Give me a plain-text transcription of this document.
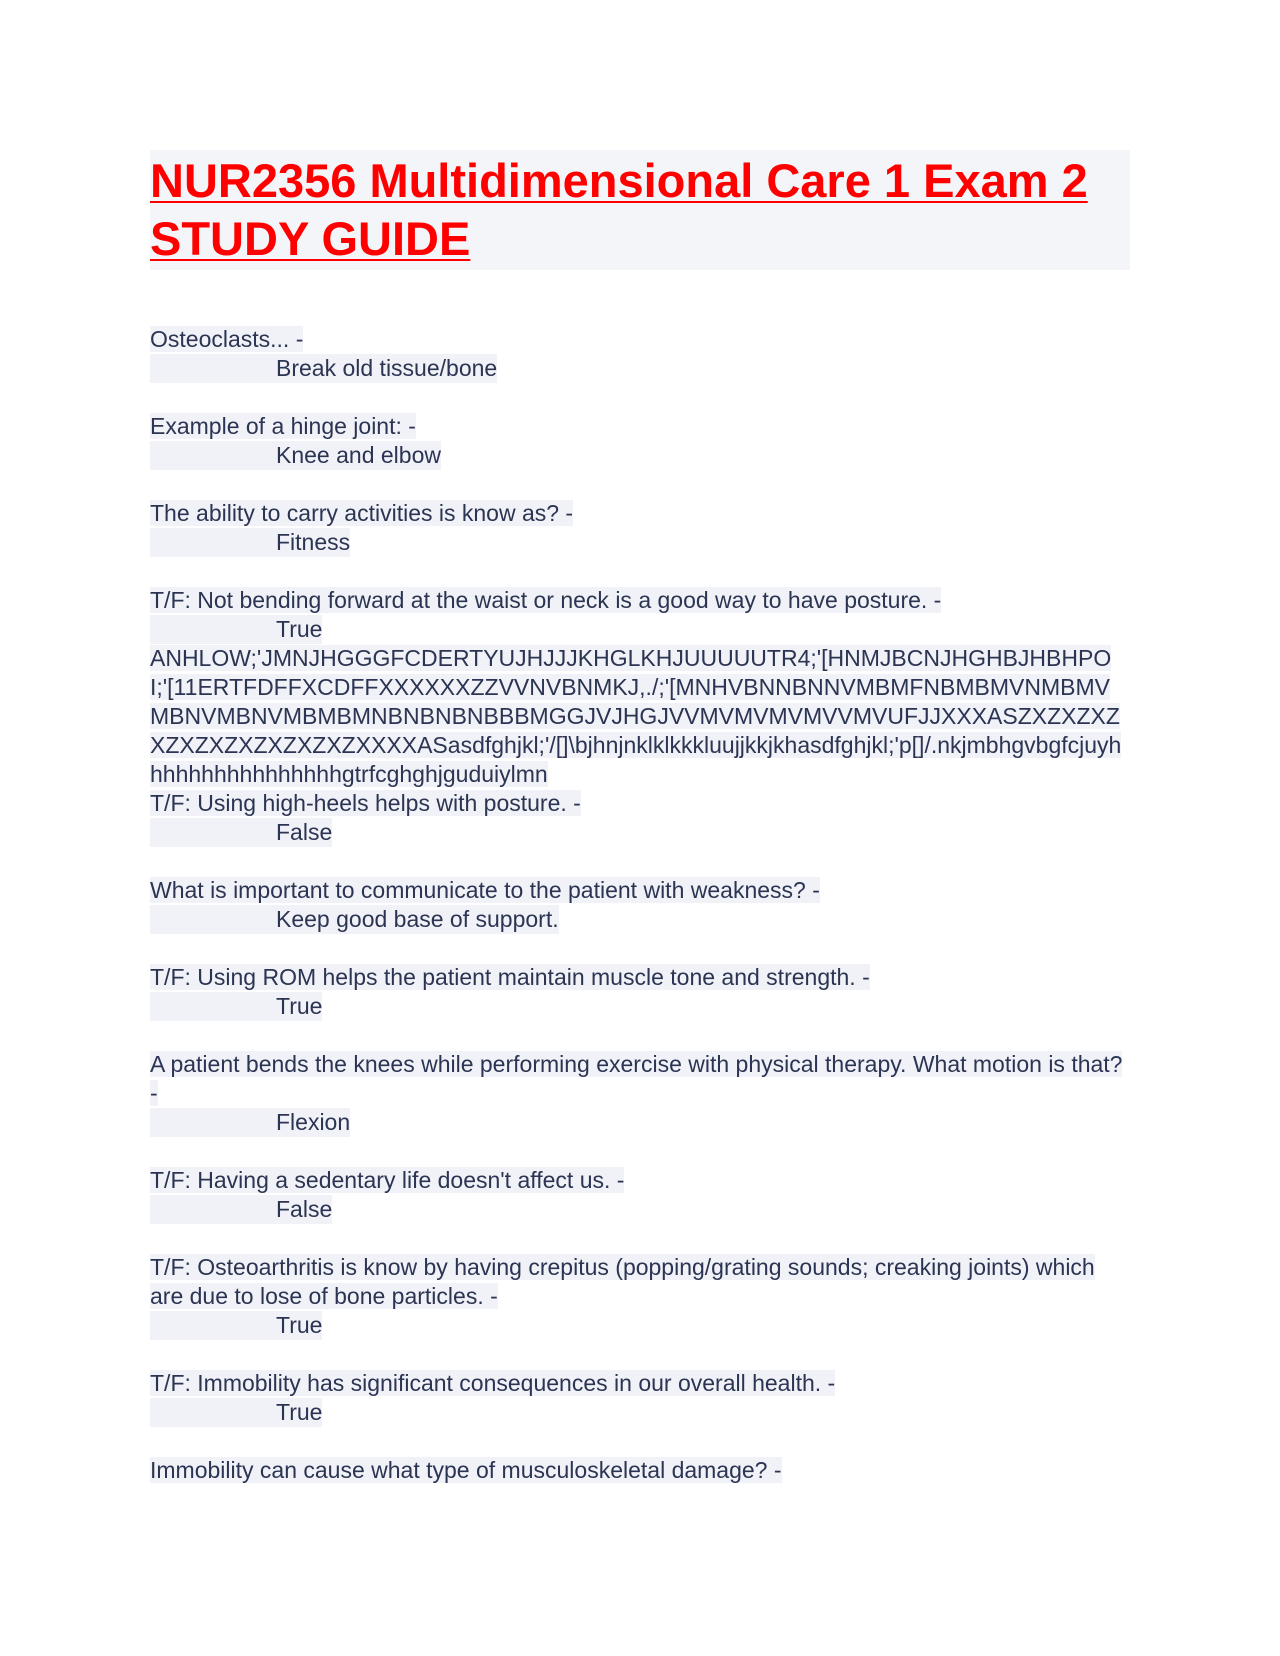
NUR2356 Multidimensional Care 1 Exam 2 STUDY GUIDE
Osteoclasts... -
Break old tissue/bone
Example of a hinge joint: -
Knee and elbow
The ability to carry activities is know as? -
Fitness
T/F: Not bending forward at the waist or neck is a good way to have posture. -
True
ANHLOW;'JMNJHGGGFCDERTYUJHJJJKHGLKHJUUUUUTR4;'[HNMJBCNJHGHBJHBHPOI;'[11ERTFDFFXCDFFXXXXXXZZVVNVBNMKJ,./;'[MNHVBNNBNNVMBMFNBMBMVNMBMVMBNVMBNVMBMBMNBNBNBNBBBMGGJVJHGJVVMVMVMVMVVMVUFJJXXXASZXZXZXZXZXZXZXZXZXZXZXXXXASasdfghjkl;'/[]\bjhnjnklklkkkluujjkkjkhasdfghjkl;'p[]/.nkjmbhgvbgfcjuyhhhhhhhhhhhhhhhhgtrfcghghjguduiylmn
T/F: Using high-heels helps with posture. -
False
What is important to communicate to the patient with weakness? -
Keep good base of support.
T/F: Using ROM helps the patient maintain muscle tone and strength. -
True
A patient bends the knees while performing exercise with physical therapy. What motion is that? -
Flexion
T/F: Having a sedentary life doesn't affect us. -
False
T/F: Osteoarthritis is know by having crepitus (popping/grating sounds; creaking joints) which are due to lose of bone particles. -
True
T/F: Immobility has significant consequences in our overall health. -
True
Immobility can cause what type of musculoskeletal damage? -
